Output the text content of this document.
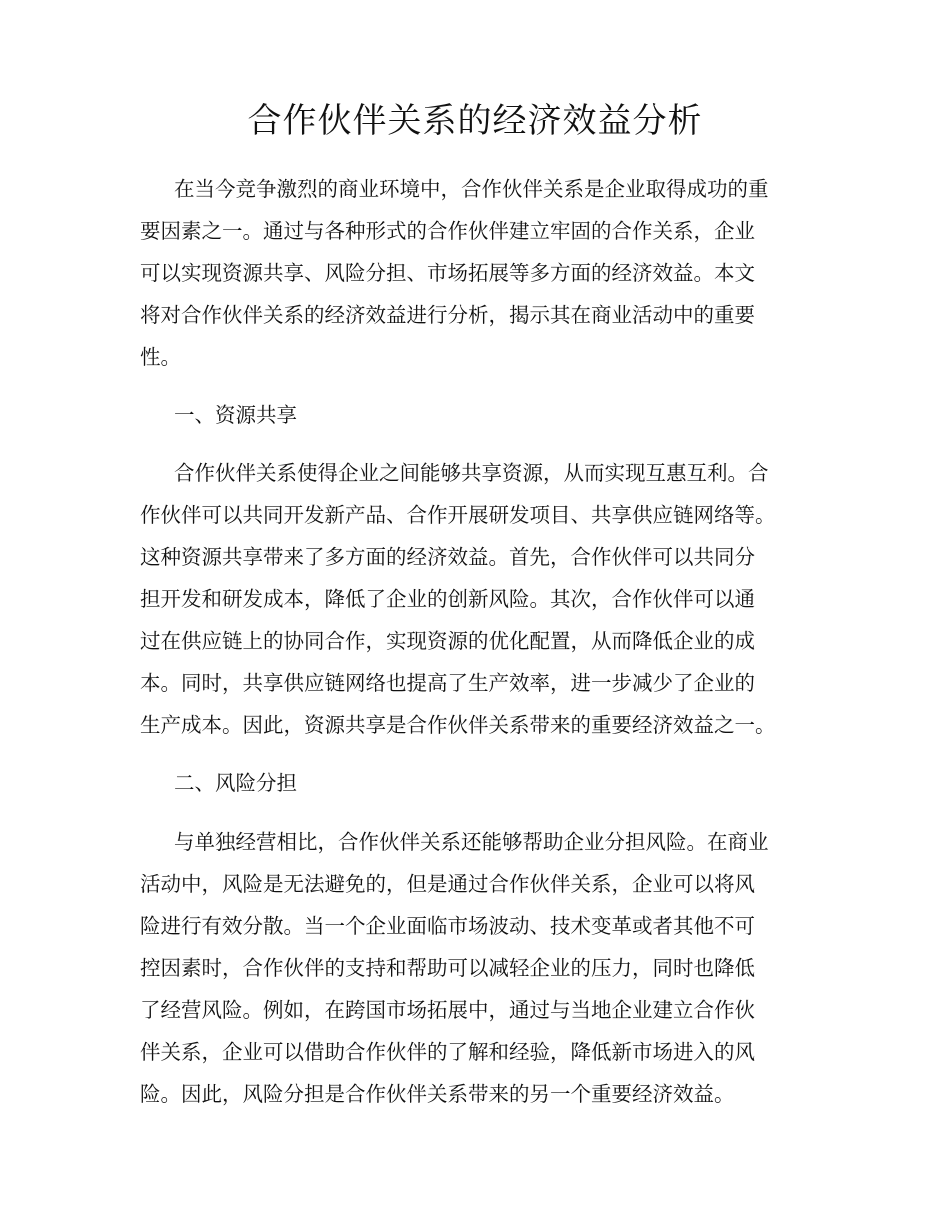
合作伙伴关系的经济效益分析

在当今竞争激烈的商业环境中，合作伙伴关系是企业取得成功的重

要因素之一。通过与各种形式的合作伙伴建立牢固的合作关系，企业

可以实现资源共享、风险分担、市场拓展等多方面的经济效益。本文

将对合作伙伴关系的经济效益进行分析，揭示其在商业活动中的重要

性。

一、资源共享

合作伙伴关系使得企业之间能够共享资源，从而实现互惠互利。合

作伙伴可以共同开发新产品、合作开展研发项目、共享供应链网络等。

这种资源共享带来了多方面的经济效益。首先，合作伙伴可以共同分

担开发和研发成本，降低了企业的创新风险。其次，合作伙伴可以通

过在供应链上的协同合作，实现资源的优化配置，从而降低企业的成

本。同时，共享供应链网络也提高了生产效率，进一步减少了企业的

生产成本。因此，资源共享是合作伙伴关系带来的重要经济效益之一。

二、风险分担

与单独经营相比，合作伙伴关系还能够帮助企业分担风险。在商业

活动中，风险是无法避免的，但是通过合作伙伴关系，企业可以将风

险进行有效分散。当一个企业面临市场波动、技术变革或者其他不可

控因素时，合作伙伴的支持和帮助可以减轻企业的压力，同时也降低

了经营风险。例如，在跨国市场拓展中，通过与当地企业建立合作伙

伴关系，企业可以借助合作伙伴的了解和经验，降低新市场进入的风

险。因此，风险分担是合作伙伴关系带来的另一个重要经济效益。
